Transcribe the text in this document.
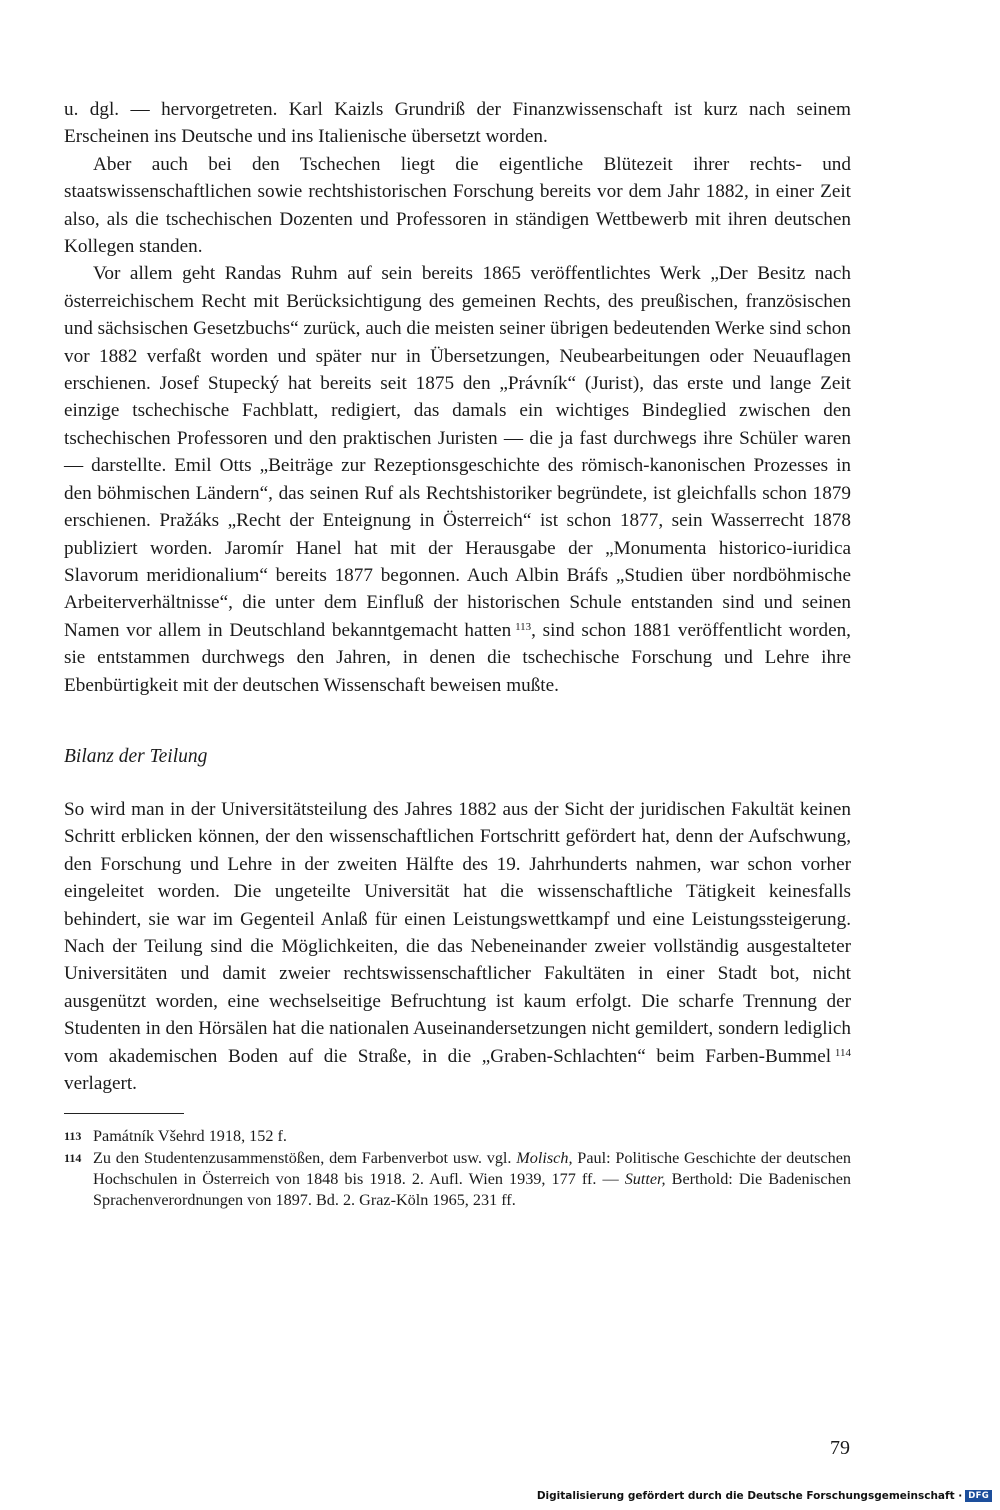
u. dgl. — hervorgetreten. Karl Kaizls Grundriß der Finanzwissenschaft ist kurz nach seinem Erscheinen ins Deutsche und ins Italienische übersetzt worden.

Aber auch bei den Tschechen liegt die eigentliche Blütezeit ihrer rechts- und staatswissenschaftlichen sowie rechtshistorischen Forschung bereits vor dem Jahr 1882, in einer Zeit also, als die tschechischen Dozenten und Professoren in ständigen Wettbewerb mit ihren deutschen Kollegen standen.

Vor allem geht Randas Ruhm auf sein bereits 1865 veröffentlichtes Werk „Der Besitz nach österreichischem Recht mit Berücksichtigung des gemeinen Rechts, des preußischen, französischen und sächsischen Gesetzbuchs“ zurück, auch die meisten seiner übrigen bedeutenden Werke sind schon vor 1882 verfaßt worden und später nur in Übersetzungen, Neubearbeitungen oder Neuauflagen erschienen. Josef Stupecký hat bereits seit 1875 den „Právník“ (Jurist), das erste und lange Zeit einzige tschechische Fachblatt, redigiert, das damals ein wichtiges Bindeglied zwischen den tschechischen Professoren und den praktischen Juristen — die ja fast durchwegs ihre Schüler waren — darstellte. Emil Otts „Beiträge zur Rezeptionsgeschichte des römisch-kanonischen Prozesses in den böhmischen Ländern“, das seinen Ruf als Rechtshistoriker begründete, ist gleichfalls schon 1879 erschienen. Pražáks „Recht der Enteignung in Österreich“ ist schon 1877, sein Wasserrecht 1878 publiziert worden. Jaromír Hanel hat mit der Herausgabe der „Monumenta historico-iuridica Slavorum meridionalium“ bereits 1877 begonnen. Auch Albin Bráfs „Studien über nordböhmische Arbeiterverhältnisse“, die unter dem Einfluß der historischen Schule entstanden sind und seinen Namen vor allem in Deutschland bekanntgemacht hatten  $^{113}$, sind schon 1881 veröffentlicht worden, sie entstammen durchwegs den Jahren, in denen die tschechische Forschung und Lehre ihre Ebenbürtigkeit mit der deutschen Wissenschaft beweisen mußte.

Bilanz der Teilung

So wird man in der Universitätsteilung des Jahres 1882 aus der Sicht der juridischen Fakultät keinen Schritt erblicken können, der den wissenschaftlichen Fortschritt gefördert hat, denn der Aufschwung, den Forschung und Lehre in der zweiten Hälfte des 19. Jahrhunderts nahmen, war schon vorher eingeleitet worden. Die ungeteilte Universität hat die wissenschaftliche Tätigkeit keinesfalls behindert, sie war im Gegenteil Anlaß für einen Leistungswettkampf und eine Leistungssteigerung. Nach der Teilung sind die Möglichkeiten, die das Nebeneinander zweier vollständig ausgestalteter Universitäten und damit zweier rechtswissenschaftlicher Fakultäten in einer Stadt bot, nicht ausgenützt worden, eine wechselseitige Befruchtung ist kaum erfolgt. Die scharfe Trennung der Studenten in den Hörsälen hat die nationalen Auseinandersetzungen nicht gemildert, sondern lediglich vom akademischen Boden auf die Straße, in die „Graben-Schlachten“ beim Farben-Bummel  $^{114}$ verlagert.

113 Památník Všehrd 1918, 152 f.
114 Zu den Studentenzusammenstößen, dem Farbenverbot usw. vgl. Molisch, Paul: Politische Geschichte der deutschen Hochschulen in Österreich von 1848 bis 1918. 2. Aufl. Wien 1939, 177 ff. — Sutter, Berthold: Die Badenischen Sprachenverordnungen von 1897. Bd. 2. Graz-Köln 1965, 231 ff.
79
Digitalisierung gefördert durch die Deutsche Forschungsgemeinschaft · DFG
